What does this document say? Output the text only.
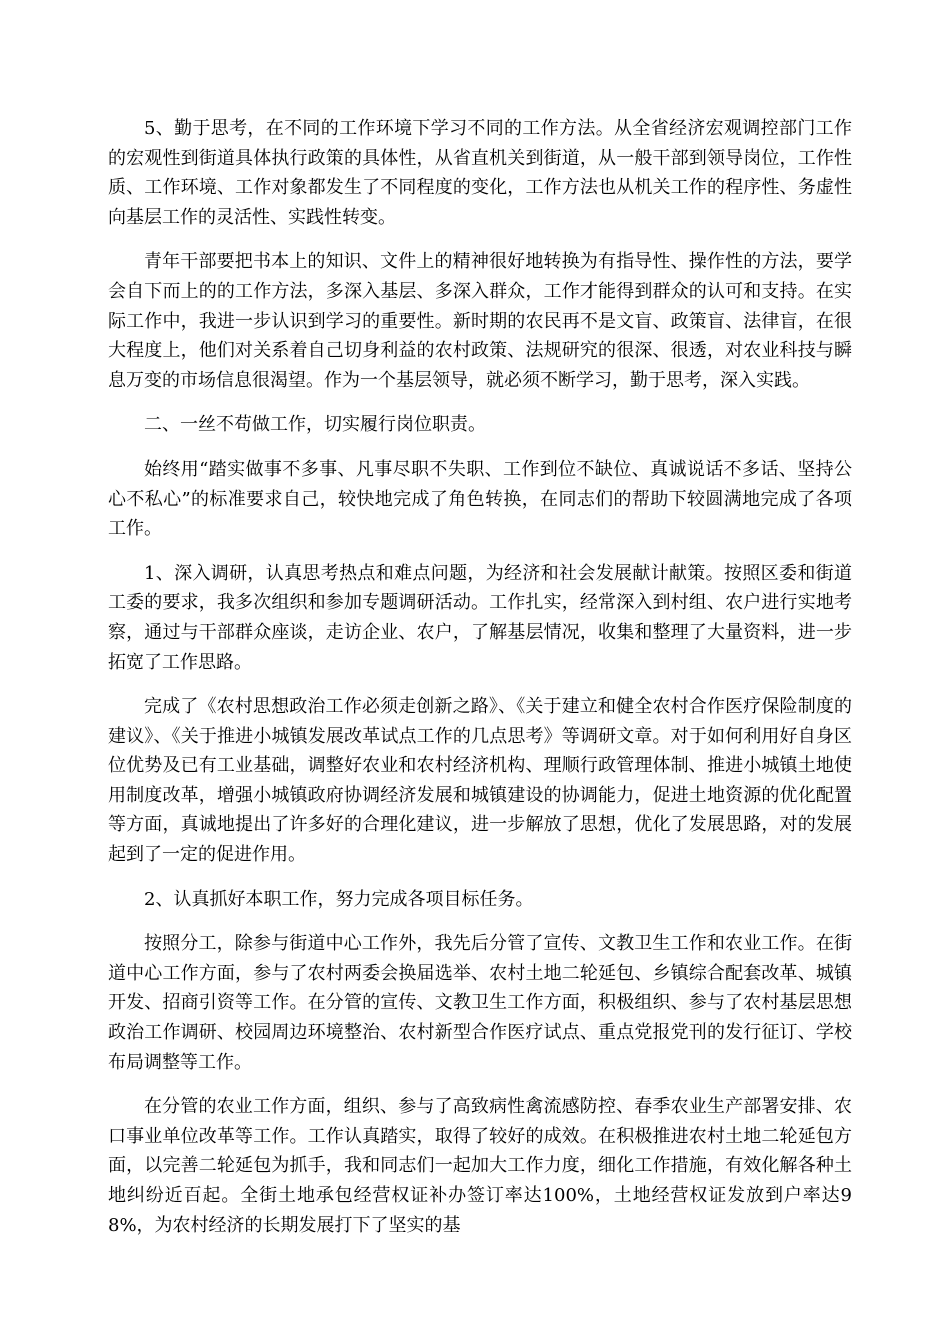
5、勤于思考，在不同的工作环境下学习不同的工作方法。从全省经济宏观调控部门工作的宏观性到街道具体执行政策的具体性，从省直机关到街道，从一般干部到领导岗位，工作性质、工作环境、工作对象都发生了不同程度的变化，工作方法也从机关工作的程序性、务虚性向基层工作的灵活性、实践性转变。

青年干部要把书本上的知识、文件上的精神很好地转换为有指导性、操作性的方法，要学会自下而上的的工作方法，多深入基层、多深入群众，工作才能得到群众的认可和支持。在实际工作中，我进一步认识到学习的重要性。新时期的农民再不是文盲、政策盲、法律盲，在很大程度上，他们对关系着自己切身利益的农村政策、法规研究的很深、很透，对农业科技与瞬息万变的市场信息很渴望。作为一个基层领导，就必须不断学习，勤于思考，深入实践。

二、一丝不苟做工作，切实履行岗位职责。

始终用“踏实做事不多事、凡事尽职不失职、工作到位不缺位、真诚说话不多话、坚持公心不私心”的标准要求自己，较快地完成了角色转换，在同志们的帮助下较圆满地完成了各项工作。

1、深入调研，认真思考热点和难点问题，为经济和社会发展献计献策。按照区委和街道工委的要求，我多次组织和参加专题调研活动。工作扎实，经常深入到村组、农户进行实地考察，通过与干部群众座谈，走访企业、农户，了解基层情况，收集和整理了大量资料，进一步拓宽了工作思路。

完成了《农村思想政治工作必须走创新之路》、《关于建立和健全农村合作医疗保险制度的建议》、《关于推进小城镇发展改革试点工作的几点思考》等调研文章。对于如何利用好自身区位优势及已有工业基础，调整好农业和农村经济机构、理顺行政管理体制、推进小城镇土地使用制度改革，增强小城镇政府协调经济发展和城镇建设的协调能力，促进土地资源的优化配置等方面，真诚地提出了许多好的合理化建议，进一步解放了思想，优化了发展思路，对的发展起到了一定的促进作用。

2、认真抓好本职工作，努力完成各项目标任务。

按照分工，除参与街道中心工作外，我先后分管了宣传、文教卫生工作和农业工作。在街道中心工作方面，参与了农村两委会换届选举、农村土地二轮延包、乡镇综合配套改革、城镇开发、招商引资等工作。在分管的宣传、文教卫生工作方面，积极组织、参与了农村基层思想政治工作调研、校园周边环境整治、农村新型合作医疗试点、重点党报党刊的发行征订、学校布局调整等工作。

在分管的农业工作方面，组织、参与了高致病性禽流感防控、春季农业生产部署安排、农口事业单位改革等工作。工作认真踏实，取得了较好的成效。在积极推进农村土地二轮延包方面，以完善二轮延包为抓手，我和同志们一起加大工作力度，细化工作措施，有效化解各种土地纠纷近百起。全街土地承包经营权证补办签订率达100%，土地经营权证发放到户率达98%，为农村经济的长期发展打下了坚实的基
